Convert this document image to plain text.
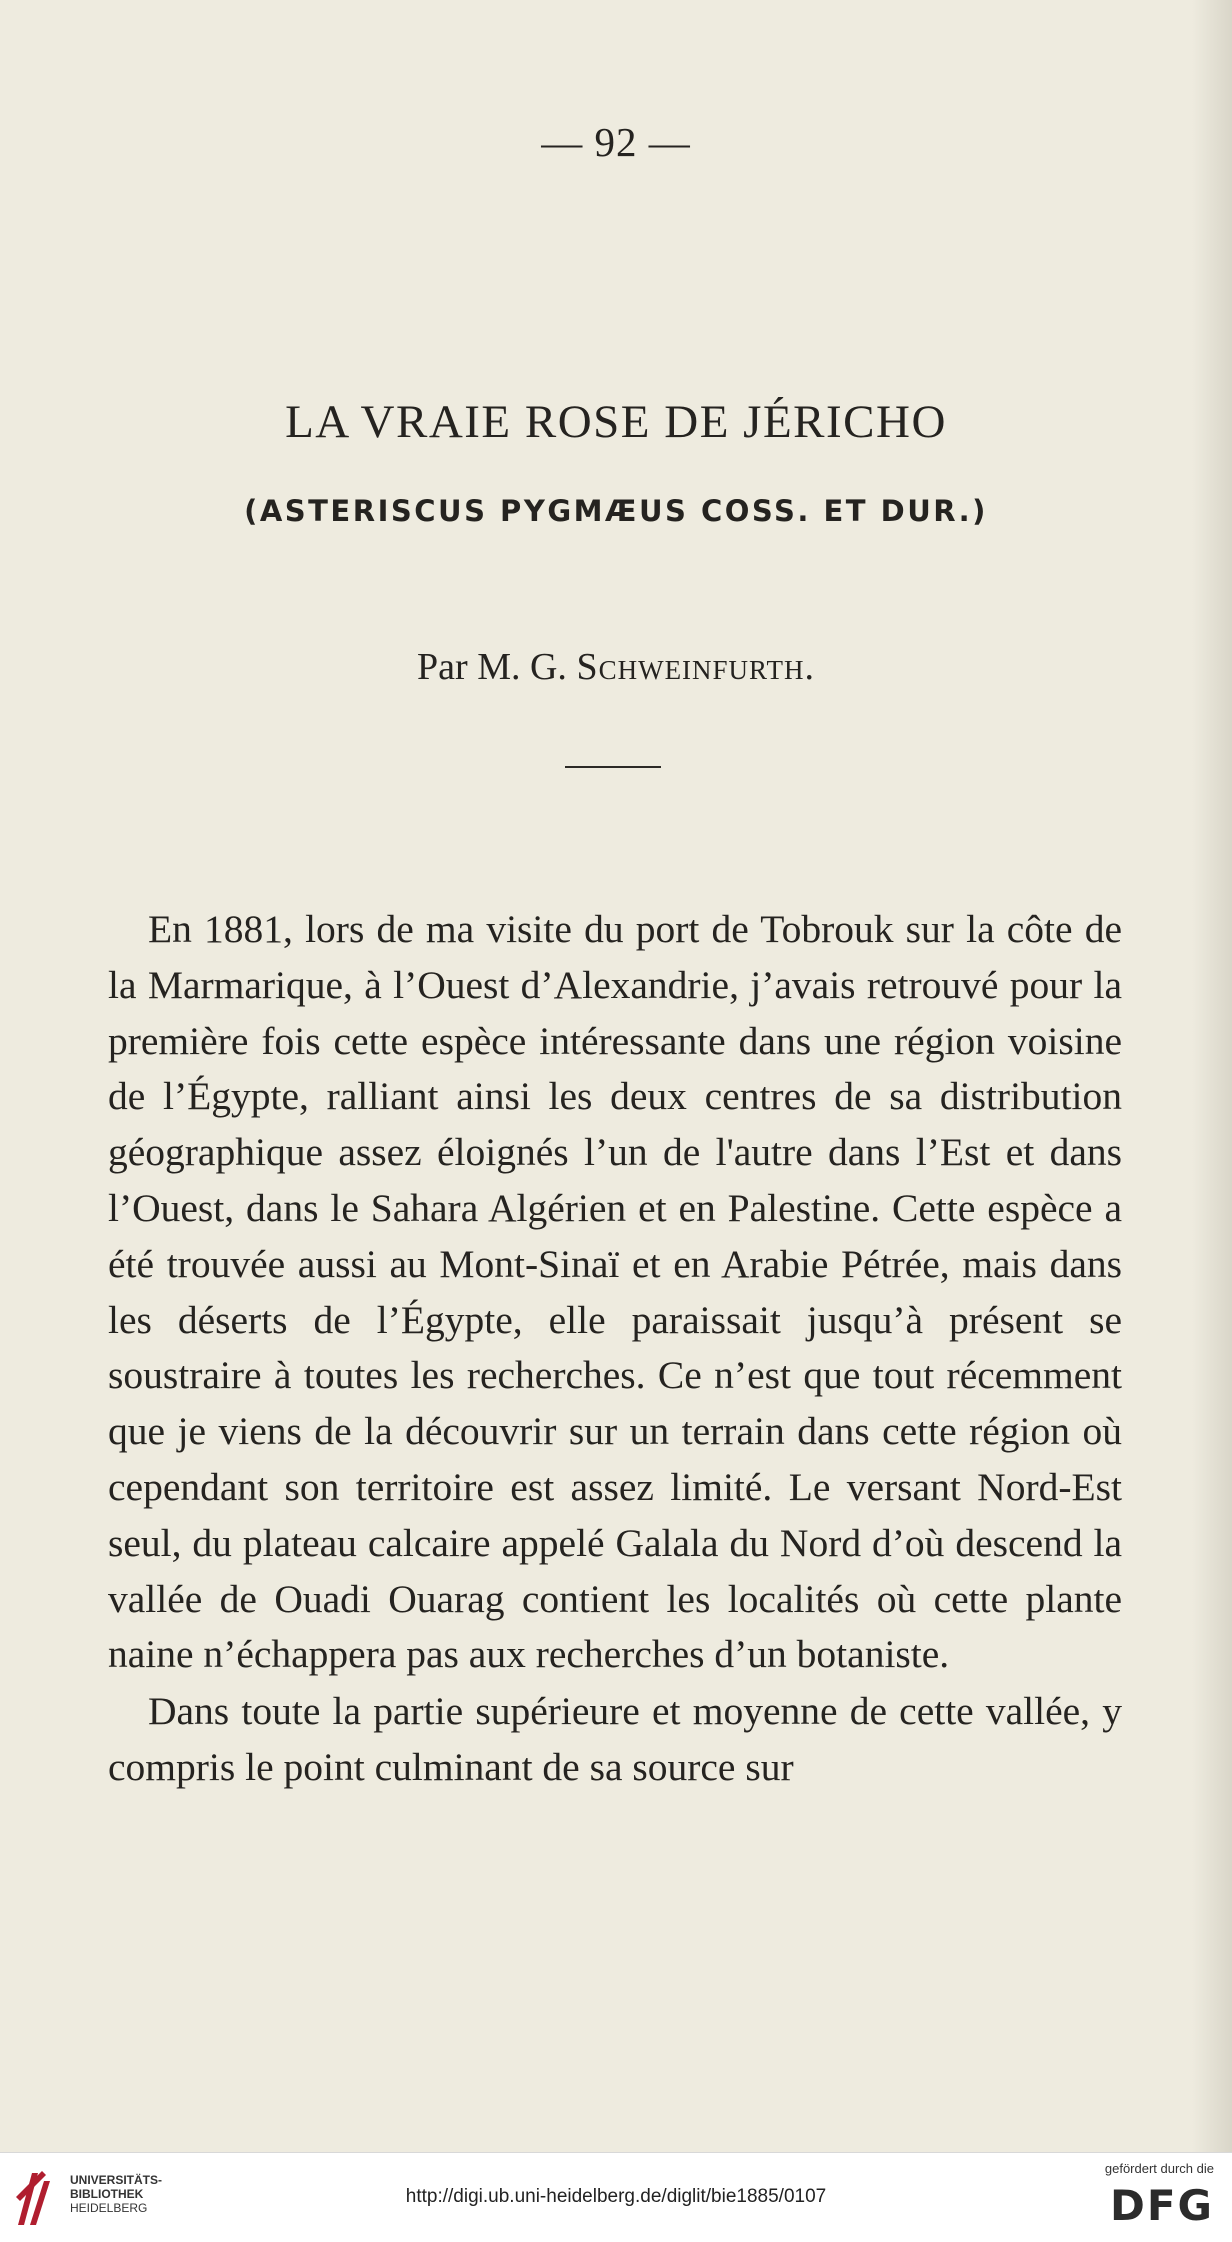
— 92 —
LA VRAIE ROSE DE JÉRICHO
(ASTERISCUS PYGMÆUS COSS. ET DUR.)
Par M. G. Schweinfurth.

En 1881, lors de ma visite du port de Tobrouk sur la côte de la Marmarique, à l’Ouest d’Alexandrie, j’avais retrouvé pour la première fois cette espèce intéressante dans une région voisine de l’Égypte, ralliant ainsi les deux centres de sa distribution géographique assez éloignés l’un de l'autre dans l’Est et dans l’Ouest, dans le Sahara Algérien et en Palestine. Cette espèce a été trouvée aussi au Mont-Sinaï et en Arabie Pétrée, mais dans les déserts de l’Égypte, elle paraissait jusqu’à présent se soustraire à toutes les recherches. Ce n’est que tout récemment que je viens de la découvrir sur un terrain dans cette région où cependant son territoire est assez limité. Le versant Nord-Est seul, du plateau calcaire appelé Galala du Nord d’où descend la vallée de Ouadi Ouarag contient les localités où cette plante naine n’échappera pas aux recherches d’un botaniste.

Dans toute la partie supérieure et moyenne de cette vallée, y compris le point culminant de sa source sur

UNIVERSITÄTS-
BIBLIOTHEK
HEIDELBERG
http://digi.ub.uni-heidelberg.de/diglit/bie1885/0107
gefördert durch die
DFG
